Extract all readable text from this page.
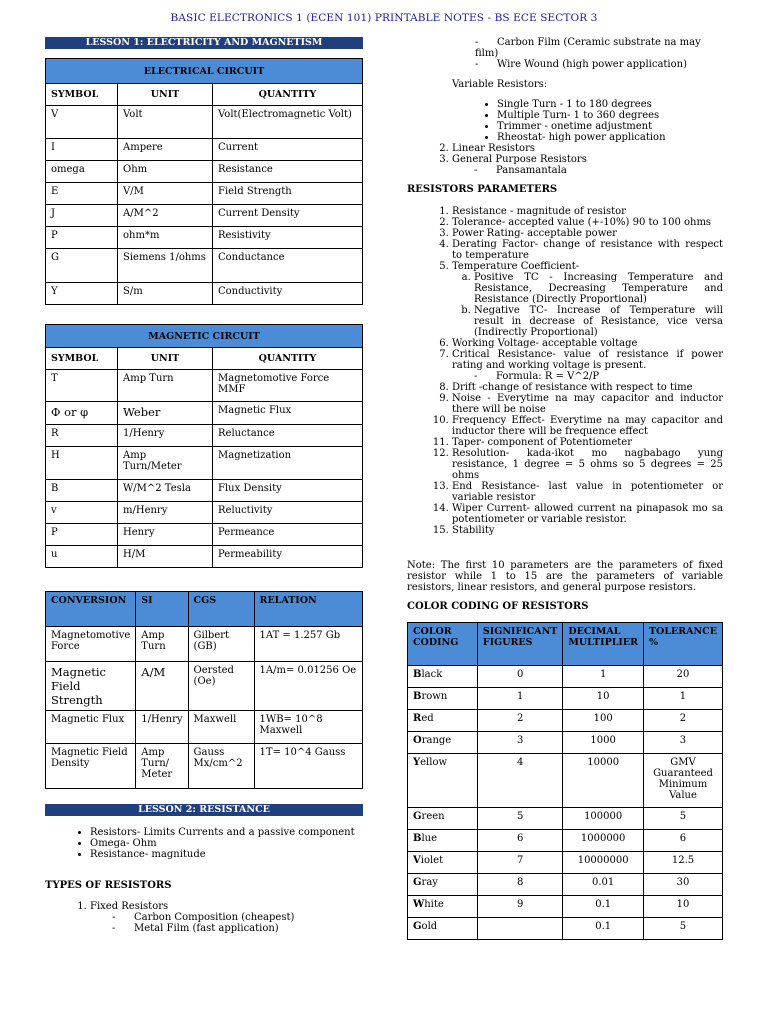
BASIC ELECTRONICS 1 (ECEN 101) PRINTABLE NOTES - BS ECE SECTOR 3
LESSON 1: ELECTRICITY AND MAGNETISM
ELECTRICAL CIRCUIT		
SYMBOL	UNIT	QUANTITY
V	Volt	Volt(Electromagnetic Volt)
I	Ampere	Current
omega	Ohm	Resistance
E	V/M	Field Strength
J	A/M^2	Current Density
P	ohm*m	Resistivity
G	Siemens 1/ohms	Conductance
Y	S/m	Conductivity
MAGNETIC CIRCUIT		
SYMBOL	UNIT	QUANTITY
T	Amp Turn	Magnetomotive Force MMF
Φ or φ	Weber	Magnetic Flux
R	1/Henry	Reluctance
H	Amp Turn/Meter	Magnetization
B	W/M^2 Tesla	Flux Density
v	m/Henry	Reluctivity
P	Henry	Permeance
u	H/M	Permeability
CONVERSION	SI	CGS	RELATION
Magnetomotive Force	Amp Turn	Gilbert (GB)	1AT = 1.257 Gb
Magnetic Field Strength	A/M	Oersted (Oe)	1A/m= 0.01256 Oe
Magnetic Flux	1/Henry	Maxwell	1WB= 10^8 Maxwell
Magnetic Field Density	Amp Turn/ Meter	Gauss Mx/cm^2	1T= 10^4 Gauss
LESSON 2: RESISTANCE
• Resistors- Limits Currents and a passive component
• Omega- Ohm
• Resistance- magnitude
TYPES OF RESISTORS
1. Fixed Resistors
- Carbon Composition (cheapest)
- Metal Film (fast application)
- Carbon Film (Ceramic substrate na may film)
- Wire Wound (high power application)
Variable Resistors:
• Single Turn - 1 to 180 degrees
• Multiple Turn- 1 to 360 degrees
• Trimmer - onetime adjustment
• Rheostat- high power application
2. Linear Resistors
3. General Purpose Resistors
- Pansamantala
RESISTORS PARAMETERS
1. Resistance - magnitude of resistor
2. Tolerance- accepted value (+-10%) 90 to 100 ohms
3. Power Rating- acceptable power
4. Derating Factor- change of resistance with respect to temperature
5. Temperature Coefficient-
a. Positive TC - Increasing Temperature and Resistance, Decreasing Temperature and Resistance (Directly Proportional)
b. Negative TC- Increase of Temperature will result in decrease of Resistance, vice versa (Indirectly Proportional)
6. Working Voltage- acceptable voltage
7. Critical Resistance- value of resistance if power rating and working voltage is present.
- Formula: R = V^2/P
8. Drift -change of resistance with respect to time
9. Noise - Everytime na may capacitor and inductor there will be noise
10. Frequency Effect- Everytime na may capacitor and inductor there will be frequence effect
11. Taper- component of Potentiometer
12. Resolution- kada-ikot mo nagbabago yung resistance, 1 degree = 5 ohms so 5 degrees = 25 ohms
13. End Resistance- last value in potentiometer or variable resistor
14. Wiper Current- allowed current na pinapasok mo sa potentiometer or variable resistor.
15. Stability
Note: The first 10 parameters are the parameters of fixed resistor while 1 to 15 are the parameters of variable resistors, linear resistors, and general purpose resistors.
COLOR CODING OF RESISTORS
COLOR CODING	SIGNIFICANT FIGURES	DECIMAL MULTIPLIER	TOLERANCE %
Black	0	1	20
Brown	1	10	1
Red	2	100	2
Orange	3	1000	3
Yellow	4	10000	GMV Guaranteed Minimum Value
Green	5	100000	5
Blue	6	1000000	6
Violet	7	10000000	12.5
Gray	8	0.01	30
White	9	0.1	10
Gold		0.1	5
